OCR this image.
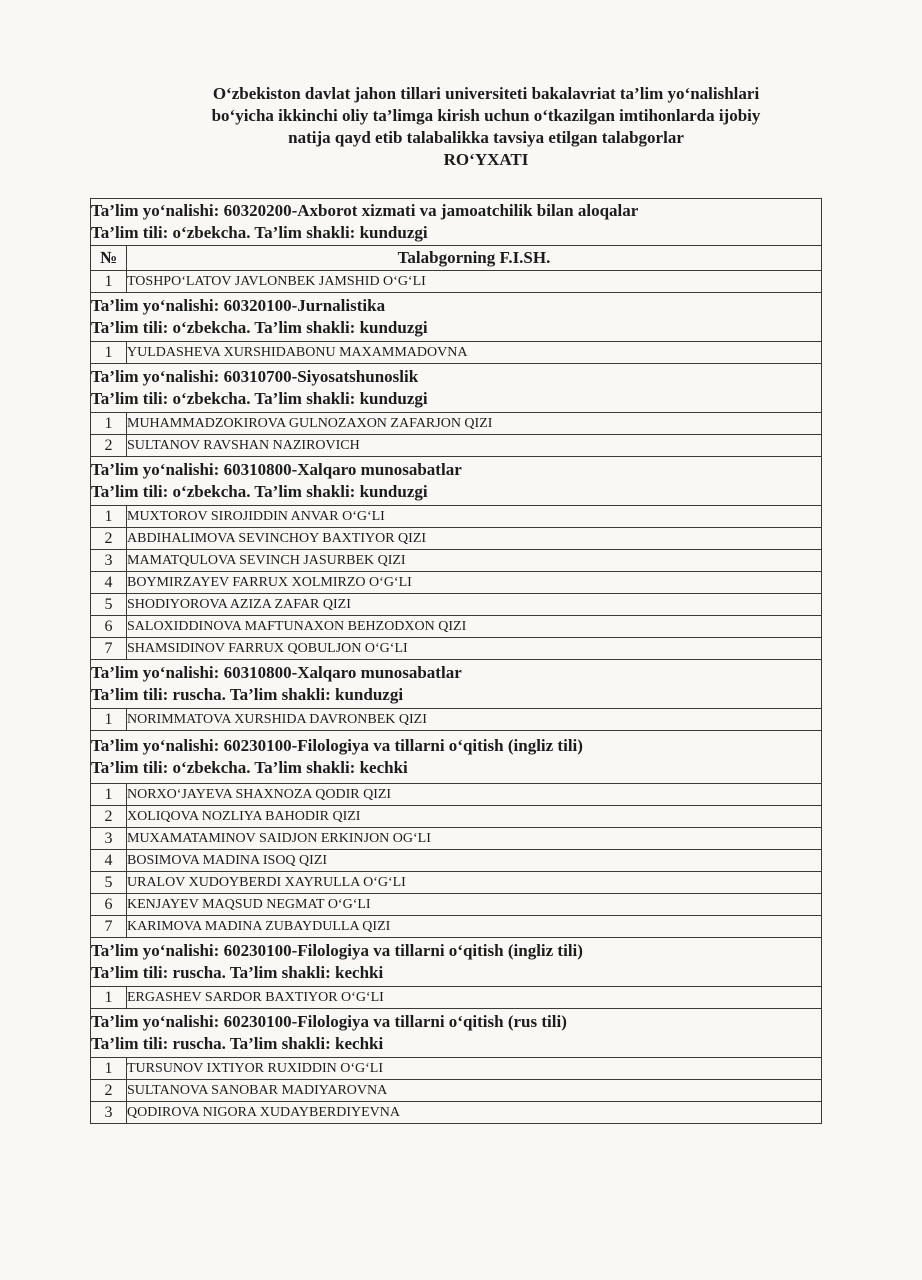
O‘zbekiston davlat jahon tillari universiteti bakalavriat ta’lim yo‘nalishlari
bo‘yicha ikkinchi oliy ta’limga kirish uchun o‘tkazilgan imtihonlarda ijobiy
natija qayd etib talabalikka tavsiya etilgan talabgorlar
RO‘YXATI
Ta’lim yo‘nalishi: 60320200-Axborot xizmati va jamoatchilik bilan aloqalar
Ta’lim tili: o‘zbekcha. Ta’lim shakli: kunduzgi	

№	Talabgorning F.I.SH.
1	TOSHPO‘LATOV JAVLONBEK JAMSHID O‘G‘LI

Ta’lim yo‘nalishi: 60320100-Jurnalistika
Ta’lim tili: o‘zbekcha. Ta’lim shakli: kunduzgi	

1	YULDASHEVA XURSHIDABONU MAXAMMADOVNA

Ta’lim yo‘nalishi: 60310700-Siyosatshunoslik
Ta’lim tili: o‘zbekcha. Ta’lim shakli: kunduzgi	

1	MUHAMMADZOKIROVA GULNOZAXON ZAFARJON QIZI
2	SULTANOV RAVSHAN NAZIROVICH

Ta’lim yo‘nalishi: 60310800-Xalqaro munosabatlar
Ta’lim tili: o‘zbekcha. Ta’lim shakli: kunduzgi	

1	MUXTOROV SIROJIDDIN ANVAR O‘G‘LI
2	ABDIHALIMOVA SEVINCHOY BAXTIYOR QIZI
3	MAMATQULOVA SEVINCH JASURBEK QIZI
4	BOYMIRZAYEV FARRUX XOLMIRZO O‘G‘LI
5	SHODIYOROVA AZIZA ZAFAR QIZI
6	SALOXIDDINOVA MAFTUNAXON BEHZODXON QIZI
7	SHAMSIDINOV FARRUX QOBULJON O‘G‘LI

Ta’lim yo‘nalishi: 60310800-Xalqaro munosabatlar
Ta’lim tili: ruscha. Ta’lim shakli: kunduzgi	

1	NORIMMATOVA XURSHIDA DAVRONBEK QIZI

Ta’lim yo‘nalishi: 60230100-Filologiya va tillarni o‘qitish (ingliz tili)
Ta’lim tili: o‘zbekcha. Ta’lim shakli: kechki	

1	NORXO‘JAYEVA SHAXNOZA QODIR QIZI
2	XOLIQOVA NOZLIYA BAHODIR QIZI
3	MUXAMATAMINOV SAIDJON ERKINJON OG‘LI
4	BOSIMOVA MADINA ISOQ QIZI
5	URALOV XUDOYBERDI XAYRULLA O‘G‘LI
6	KENJAYEV MAQSUD NEGMAT O‘G‘LI
7	KARIMOVA MADINA ZUBAYDULLA QIZI

Ta’lim yo‘nalishi: 60230100-Filologiya va tillarni o‘qitish (ingliz tili)
Ta’lim tili: ruscha. Ta’lim shakli: kechki	

1	ERGASHEV SARDOR BAXTIYOR O‘G‘LI

Ta’lim yo‘nalishi: 60230100-Filologiya va tillarni o‘qitish (rus tili)
Ta’lim tili: ruscha. Ta’lim shakli: kechki	

1	TURSUNOV IXTIYOR RUXIDDIN O‘G‘LI
2	SULTANOVA SANOBAR MADIYAROVNA
3	QODIROVA NIGORA XUDAYBERDIYEVNA
